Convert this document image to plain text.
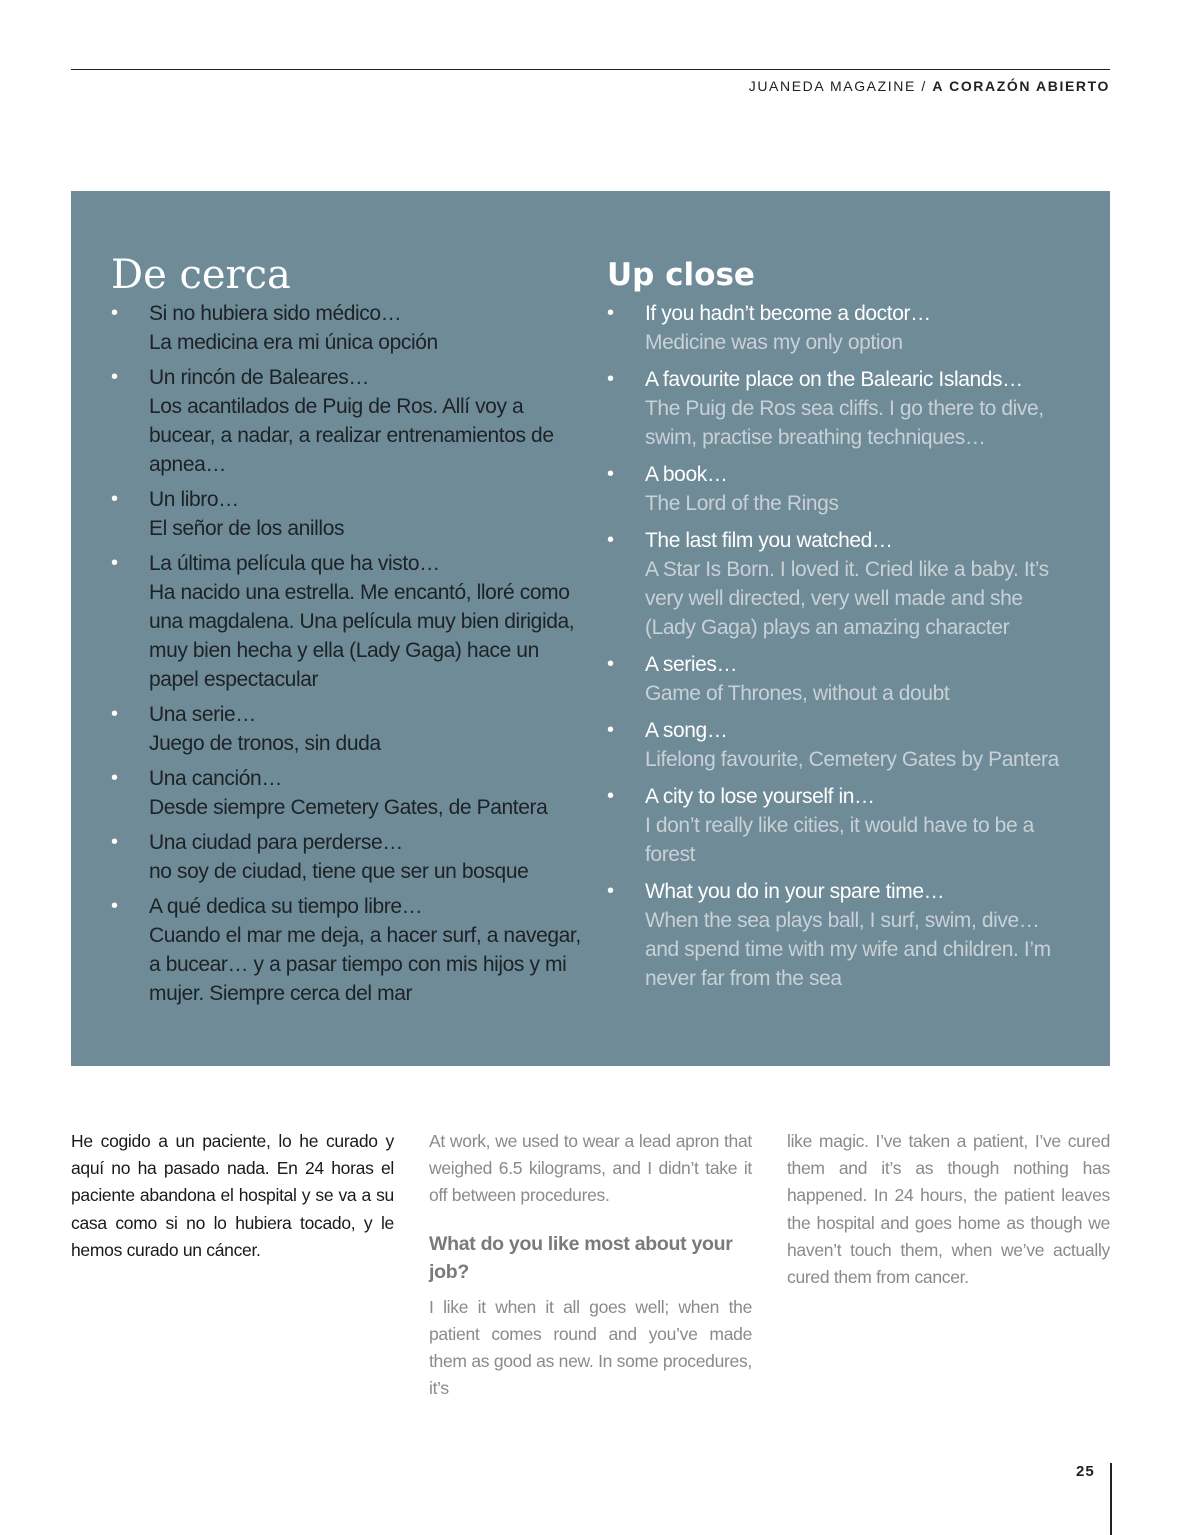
JUANEDA MAGAZINE / A CORAZÓN ABIERTO
De cerca
• Si no hubiera sido médico…
La medicina era mi única opción
• Un rincón de Baleares…
Los acantilados de Puig de Ros. Allí voy a bucear, a nadar, a realizar entrenamientos de apnea…
• Un libro…
El señor de los anillos
• La última película que ha visto…
Ha nacido una estrella. Me encantó, lloré como una magdalena. Una película muy bien dirigida, muy bien hecha y ella (Lady Gaga) hace un papel espectacular
• Una serie…
Juego de tronos, sin duda
• Una canción…
Desde siempre Cemetery Gates, de Pantera
• Una ciudad para perderse…
no soy de ciudad, tiene que ser un bosque
• A qué dedica su tiempo libre…
Cuando el mar me deja, a hacer surf, a navegar, a bucear… y a pasar tiempo con mis hijos y mi mujer. Siempre cerca del mar
Up close
• If you hadn’t become a doctor…
Medicine was my only option
• A favourite place on the Balearic Islands…
The Puig de Ros sea cliffs. I go there to dive, swim, practise breathing techniques…
• A book…
The Lord of the Rings
• The last film you watched…
A Star Is Born. I loved it. Cried like a baby. It’s very well directed, very well made and she (Lady Gaga) plays an amazing character
• A series…
Game of Thrones, without a doubt
• A song…
Lifelong favourite, Cemetery Gates by Pantera
• A city to lose yourself in…
I don’t really like cities, it would have to be a forest
• What you do in your spare time…
When the sea plays ball, I surf, swim, dive… and spend time with my wife and children. I’m never far from the sea

He cogido a un paciente, lo he curado y aquí no ha pasado nada. En 24 horas el paciente abandona el hospital y se va a su casa como si no lo hubiera tocado, y le hemos curado un cáncer.

At work, we used to wear a lead apron that weighed 6.5 kilograms, and I didn’t take it off between procedures.

What do you like most about your job?

I like it when it all goes well; when the patient comes round and you’ve made them as good as new. In some procedures, it’s

like magic. I’ve taken a patient, I’ve cured them and it’s as though nothing has happened. In 24 hours, the patient leaves the hospital and goes home as though we haven’t touch them, when we’ve actually cured them from cancer.

25
